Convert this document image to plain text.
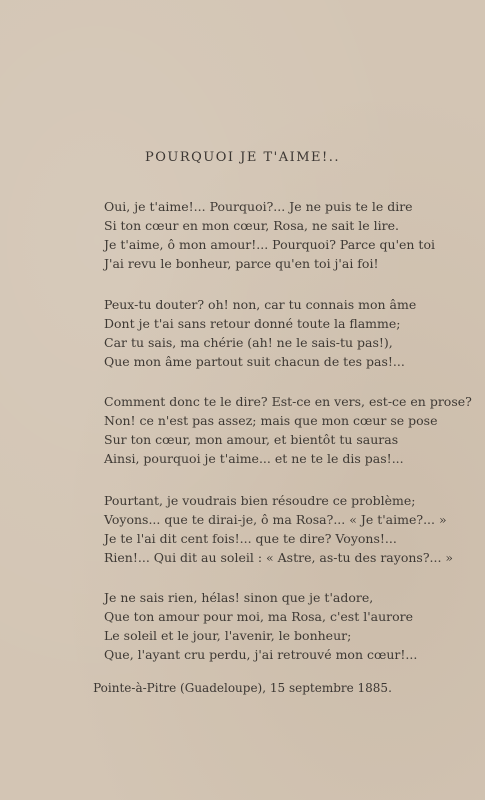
POURQUOI JE T'AIME!..
Oui, je t'aime!... Pourquoi?... Je ne puis te le dire
Si ton cœur en mon cœur, Rosa, ne sait le lire.
Je t'aime, ô mon amour!... Pourquoi? Parce qu'en toi
J'ai revu le bonheur, parce qu'en toi j'ai foi!
Peux-tu douter? oh! non, car tu connais mon âme
Dont je t'ai sans retour donné toute la flamme;
Car tu sais, ma chérie (ah! ne le sais-tu pas!),
Que mon âme partout suit chacun de tes pas!...
Comment donc te le dire? Est-ce en vers, est-ce en prose?
Non! ce n'est pas assez; mais que mon cœur se pose
Sur ton cœur, mon amour, et bientôt tu sauras
Ainsi, pourquoi je t'aime... et ne te le dis pas!...
Pourtant, je voudrais bien résoudre ce problème;
Voyons... que te dirai-je, ô ma Rosa?... « Je t'aime?... »
Je te l'ai dit cent fois!... que te dire? Voyons!...
Rien!... Qui dit au soleil : « Astre, as-tu des rayons?... »
Je ne sais rien, hélas! sinon que je t'adore,
Que ton amour pour moi, ma Rosa, c'est l'aurore
Le soleil et le jour, l'avenir, le bonheur;
Que, l'ayant cru perdu, j'ai retrouvé mon cœur!...
Pointe-à-Pitre (Guadeloupe), 15 septembre 1885.
